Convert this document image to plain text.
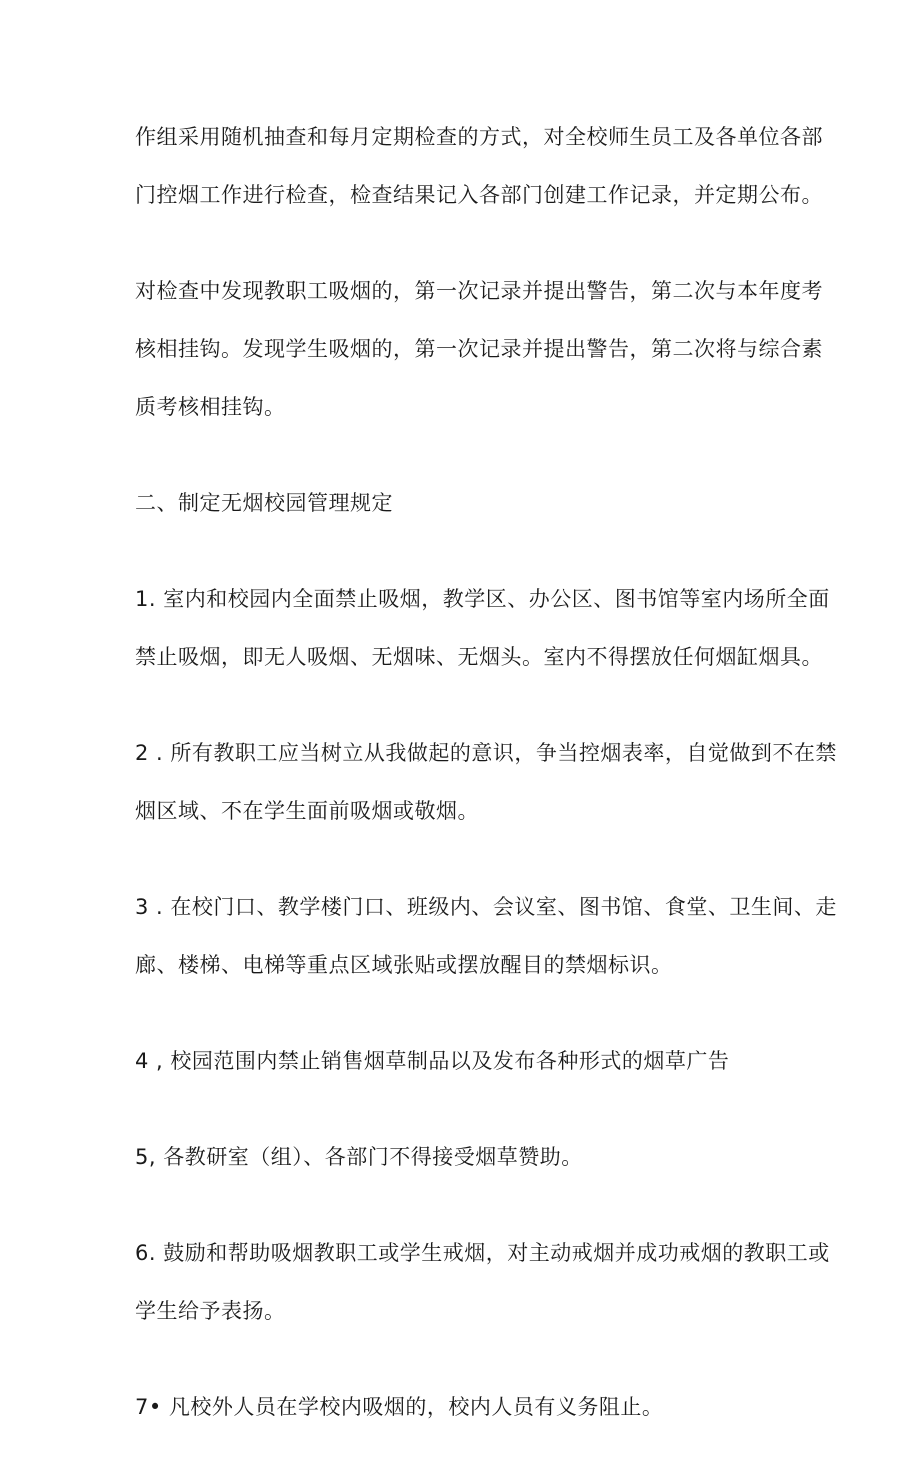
作组采用随机抽查和每月定期检查的方式，对全校师生员工及各单位各部
门控烟工作进行检查，检查结果记入各部门创建工作记录，并定期公布。

对检查中发现教职工吸烟的，第一次记录并提出警告，第二次与本年度考
核相挂钩。发现学生吸烟的，第一次记录并提出警告，第二次将与综合素
质考核相挂钩。

二、制定无烟校园管理规定

1. 室内和校园内全面禁止吸烟，教学区、办公区、图书馆等室内场所全面
禁止吸烟，即无人吸烟、无烟味、无烟头。室内不得摆放任何烟缸烟具。

2 . 所有教职工应当树立从我做起的意识，争当控烟表率，自觉做到不在禁
烟区域、不在学生面前吸烟或敬烟。

3 . 在校门口、教学楼门口、班级内、会议室、图书馆、食堂、卫生间、走
廊、楼梯、电梯等重点区域张贴或摆放醒目的禁烟标识。

4 , 校园范围内禁止销售烟草制品以及发布各种形式的烟草广告

5, 各教研室（组）、各部门不得接受烟草赞助。

6. 鼓励和帮助吸烟教职工或学生戒烟，对主动戒烟并成功戒烟的教职工或
学生给予表扬。

7• 凡校外人员在学校内吸烟的，校内人员有义务阻止。
